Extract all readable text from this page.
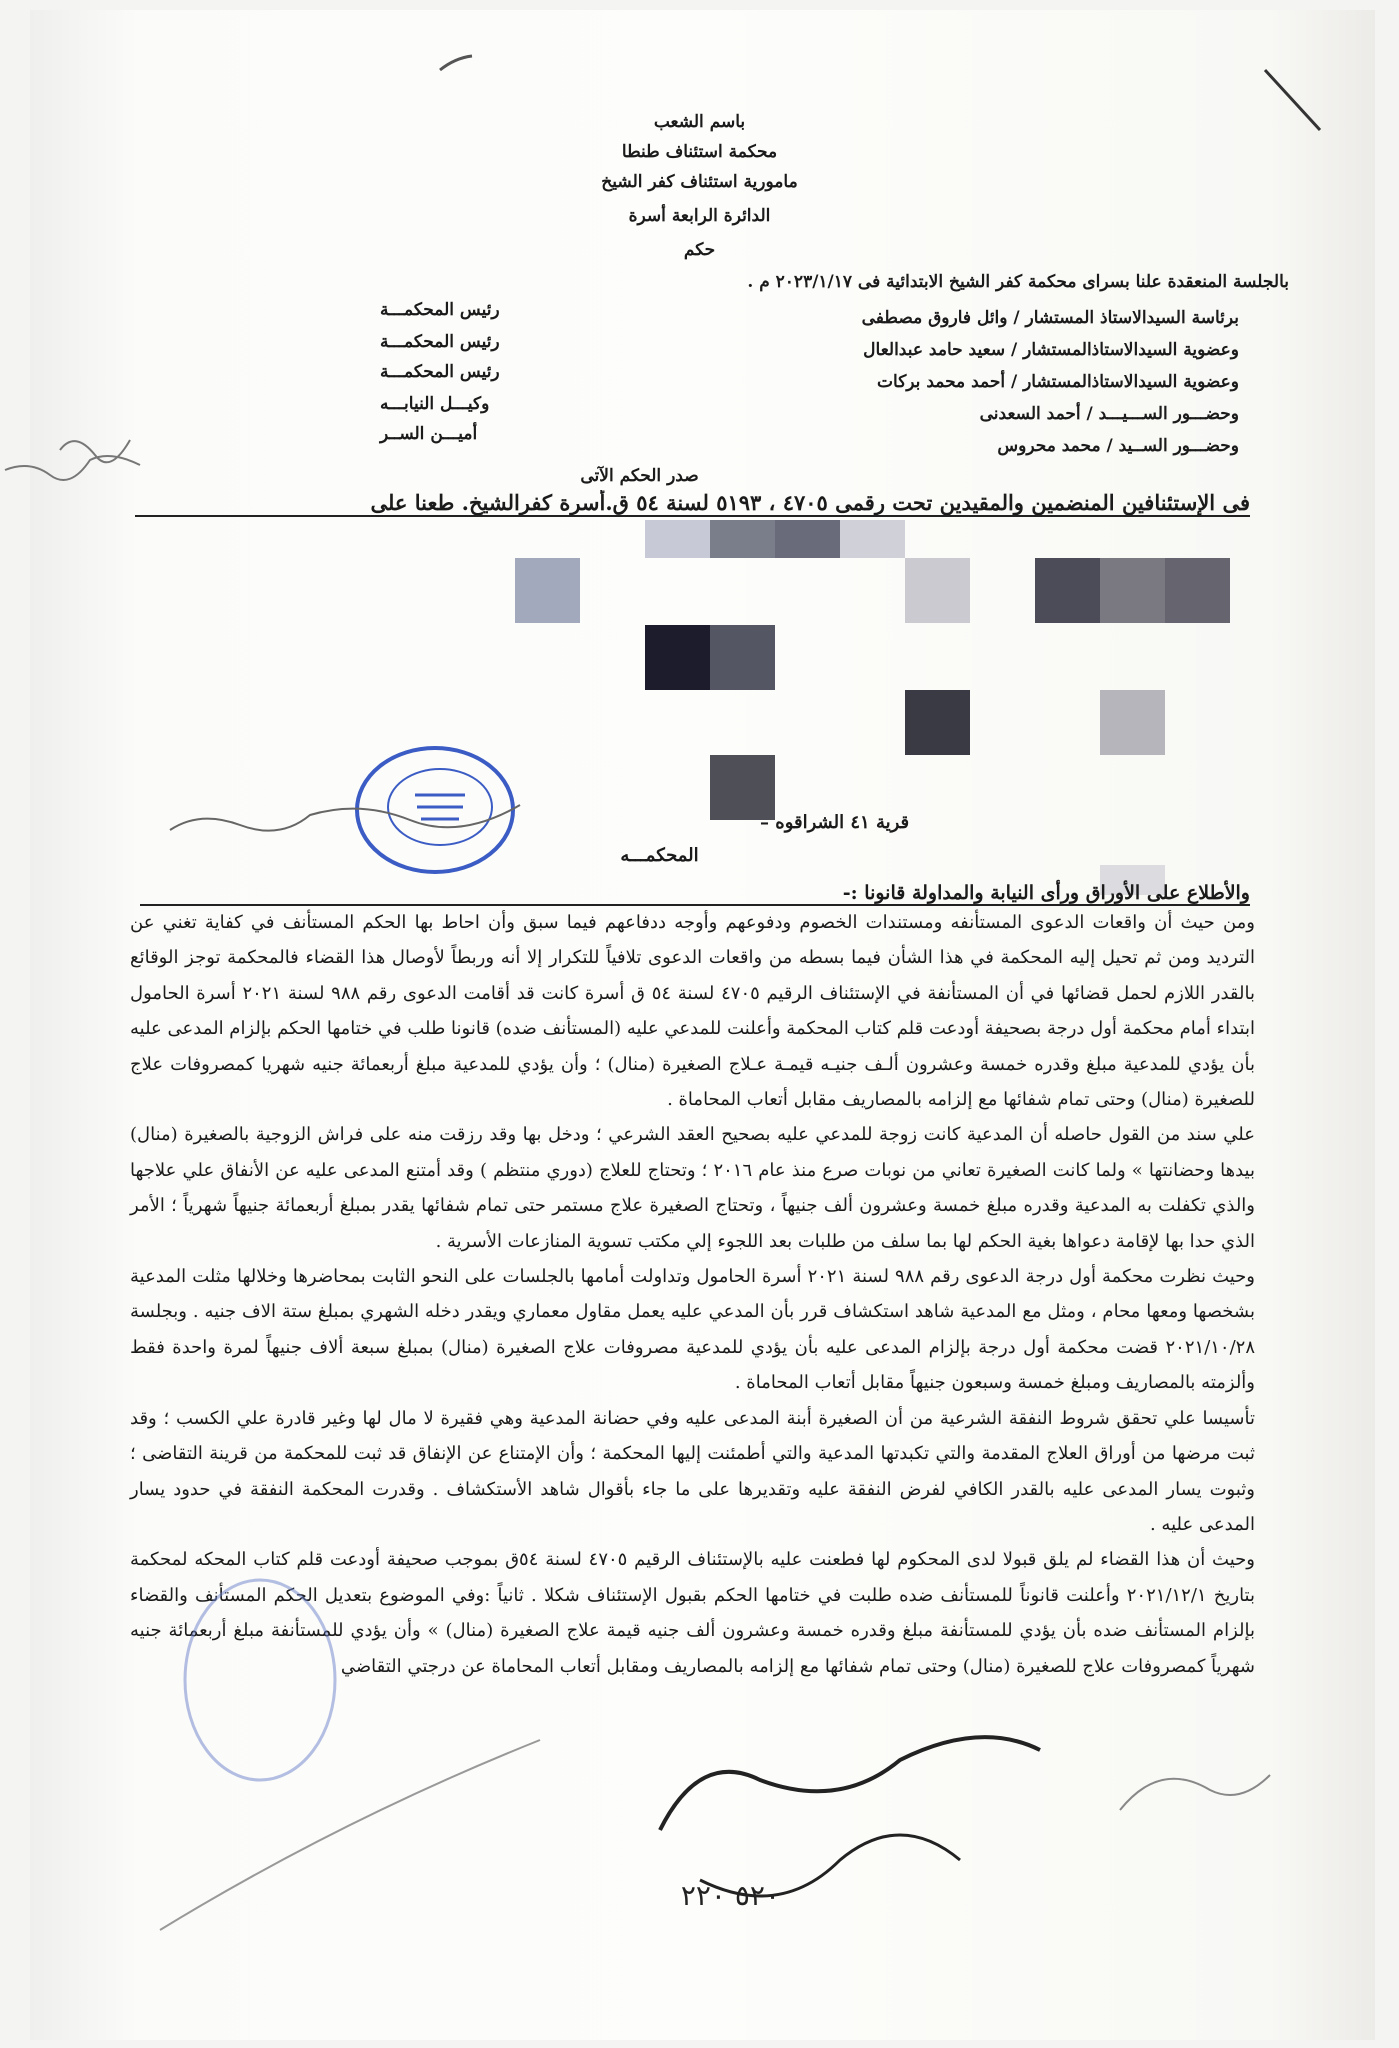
باسم الشعب
محكمة استئناف طنطا
مامورية استئناف كفر الشيخ
الدائرة الرابعة أسرة
حكم
بالجلسة المنعقدة علنا بسراى محكمة كفر الشيخ الابتدائية فى ٢٠٢٣/١/١٧ م .
برئاسة السيدالاستاذ المستشار / وائل فاروق مصطفى
رئيس المحكمـــة
وعضوية السيدالاستاذالمستشار / سعيد حامد عبدالعال
رئيس المحكمـــة
وعضوية السيدالاستاذالمستشار / أحمد محمد بركات
رئيس المحكمـــة
وحضـــور الســـيـــد / أحمد السعدنى
وكيـــل النيابـــه
وحضـــور الســيد / محمد محروس
أميـــن الســر
صدر الحكم الآتى
فى الإستئنافين المنضمين والمقيدين تحت رقمى ٤٧٠٥ ، ٥١٩٣ لسنة ٥٤ ق.أسرة كفرالشيخ. طعنا على
قرية ٤١ الشراقوه –
المحكمـــه
والأطلاع على الأوراق ورأى النيابة والمداولة قانونا :-

ومن حيث أن واقعات الدعوى المستأنفه ومستندات الخصوم ودفوعهم وأوجه ددفاعهم فيما سبق وأن احاط بها الحكم المستأنف في كفاية تغني عن الترديد ومن ثم تحيل إليه المحكمة في هذا الشأن فيما بسطه من واقعات الدعوى تلافياً للتكرار إلا أنه وربطاً لأوصال هذا القضاء فالمحكمة توجز الوقائع بالقدر اللازم لحمل قضائها في أن المستأنفة في الإستئناف الرقيم ٤٧٠٥ لسنة ٥٤ ق أسرة كانت قد أقامت الدعوى رقم ٩٨٨ لسنة ٢٠٢١ أسرة الحامول ابتداء أمام محكمة أول درجة بصحيفة أودعت قلم كتاب المحكمة وأعلنت للمدعي عليه (المستأنف ضده) قانونا طلب في ختامها الحكم بإلزام المدعى عليه بأن يؤدي للمدعية مبلغ وقدره خمسة وعشرون ألـف جنيـه قيمـة عـلاج الصغيرة (منال) ؛ وأن يؤدي للمدعية مبلغ أربعمائة جنيه شهريا كمصروفات علاج للصغيرة (منال) وحتى تمام شفائها مع إلزامه بالمصاريف مقابل أتعاب المحاماة .

علي سند من القول حاصله أن المدعية كانت زوجة للمدعي عليه بصحيح العقد الشرعي ؛ ودخل بها وقد رزقت منه على فراش الزوجية بالصغيرة (منال) بيدها وحضانتها » ولما كانت الصغيرة تعاني من نوبات صرع منذ عام ٢٠١٦ ؛ وتحتاج للعلاج (دوري منتظم ) وقد أمتنع المدعى عليه عن الأنفاق علي علاجها والذي تكفلت به المدعية وقدره مبلغ خمسة وعشرون ألف جنيهاً ، وتحتاج الصغيرة علاج مستمر حتى تمام شفائها يقدر بمبلغ أربعمائة جنيهاً شهرياً ؛ الأمر الذي حدا بها لإقامة دعواها بغية الحكم لها بما سلف من طلبات بعد اللجوء إلي مكتب تسوية المنازعات الأسرية .

وحيث نظرت محكمة أول درجة الدعوى رقم ٩٨٨ لسنة ٢٠٢١ أسرة الحامول وتداولت أمامها بالجلسات على النحو الثابت بمحاضرها وخلالها مثلت المدعية بشخصها ومعها محام ، ومثل مع المدعية شاهد استكشاف قرر بأن المدعي عليه يعمل مقاول معماري ويقدر دخله الشهري بمبلغ ستة الاف جنيه . وبجلسة ٢٠٢١/١٠/٢٨ قضت محكمة أول درجة بإلزام المدعى عليه بأن يؤدي للمدعية مصروفات علاج الصغيرة (منال) بمبلغ سبعة ألاف جنيهاً لمرة واحدة فقط وألزمته بالمصاريف ومبلغ خمسة وسبعون جنيهاً مقابل أتعاب المحاماة .

تأسيسا علي تحقق شروط النفقة الشرعية من أن الصغيرة أبنة المدعى عليه وفي حضانة المدعية وهي فقيرة لا مال لها وغير قادرة علي الكسب ؛ وقد ثبت مرضها من أوراق العلاج المقدمة والتي تكبدتها المدعية والتي أطمئنت إليها المحكمة ؛ وأن الإمتناع عن الإنفاق قد ثبت للمحكمة من قرينة التقاضى ؛ وثبوت يسار المدعى عليه بالقدر الكافي لفرض النفقة عليه وتقديرها على ما جاء بأقوال شاهد الأستكشاف . وقدرت المحكمة النفقة في حدود يسار المدعى عليه .

وحيث أن هذا القضاء لم يلق قبولا لدى المحكوم لها فطعنت عليه بالإستئناف الرقيم ٤٧٠٥ لسنة ٥٤ق بموجب صحيفة أودعت قلم كتاب المحكه لمحكمة بتاريخ ٢٠٢١/١٢/١ وأعلنت قانوناً للمستأنف ضده طلبت في ختامها الحكم بقبول الإستئناف شكلا . ثانياً :وفي الموضوع بتعديل الحكم المستأنف والقضاء بإلزام المستأنف ضده بأن يؤدي للمستأنفة مبلغ وقدره خمسة وعشرون ألف جنيه قيمة علاج الصغيرة (منال) » وأن يؤدي للمستأنفة مبلغ أربعمائة جنيه شهرياً كمصروفات علاج للصغيرة (منال) وحتى تمام شفائها مع إلزامه بالمصاريف ومقابل أتعاب المحاماة عن درجتي التقاضي

٥٢٠ ٢٢٠
